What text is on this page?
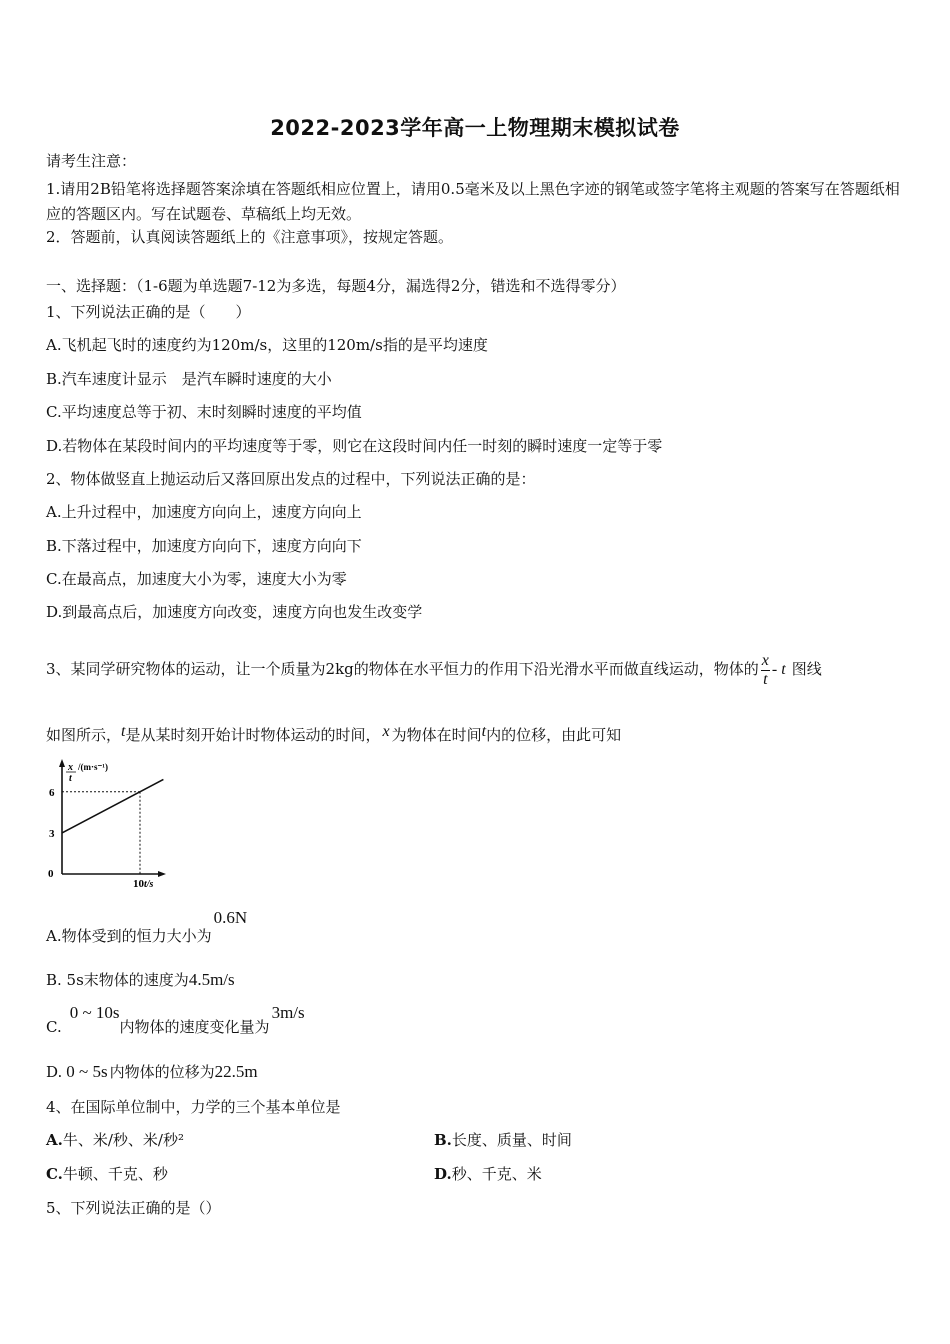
2022-2023学年高一上物理期末模拟试卷
请考生注意：
1.请用2B铅笔将选择题答案涂填在答题纸相应位置上，请用0.5毫米及以上黑色字迹的钢笔或签字笔将主观题的答案写在答题纸相应的答题区内。写在试题卷、草稿纸上均无效。
2．答题前，认真阅读答题纸上的《注意事项》，按规定答题。
一、选择题：（1-6题为单选题7-12为多选，每题4分，漏选得2分，错选和不选得零分）
1、下列说法正确的是（　　）
A.飞机起飞时的速度约为120m/s，这里的120m/s指的是平均速度
B.汽车速度计显示　是汽车瞬时速度的大小
C.平均速度总等于初、末时刻瞬时速度的平均值
D.若物体在某段时间内的平均速度等于零，则它在这段时间内任一时刻的瞬时速度一定等于零
2、物体做竖直上抛运动后又落回原出发点的过程中，下列说法正确的是：
A.上升过程中，加速度方向向上，速度方向向上
B.下落过程中，加速度方向向下，速度方向向下
C.在最高点，加速度大小为零，速度大小为零
D.到最高点后，加速度方向改变，速度方向也发生改变学
3、某同学研究物体的运动，让一个质量为2kg的物体在水平恒力的作用下沿光滑水平而做直线运动，物体的 $\frac{x}{t}$ - t 图线
如图所示，t是从某时刻开始计时物体运动的时间， x 为物体在时间t内的位移，由此可知
x
t
/(m·s⁻¹)
0
t/s
3
6
10
A.物体受到的恒力大小为0.6N
B. 5s末物体的速度为4.5m/s
C.0 ~ 10s内物体的速度变化量为3m/s
D. 0 ~ 5s 内物体的位移为22.5m
4、在国际单位制中，力学的三个基本单位是
A.牛、米/秒、米/秒²	B.长度、质量、时间
C.牛顿、千克、秒	D.秒、千克、米
5、下列说法正确的是（）
